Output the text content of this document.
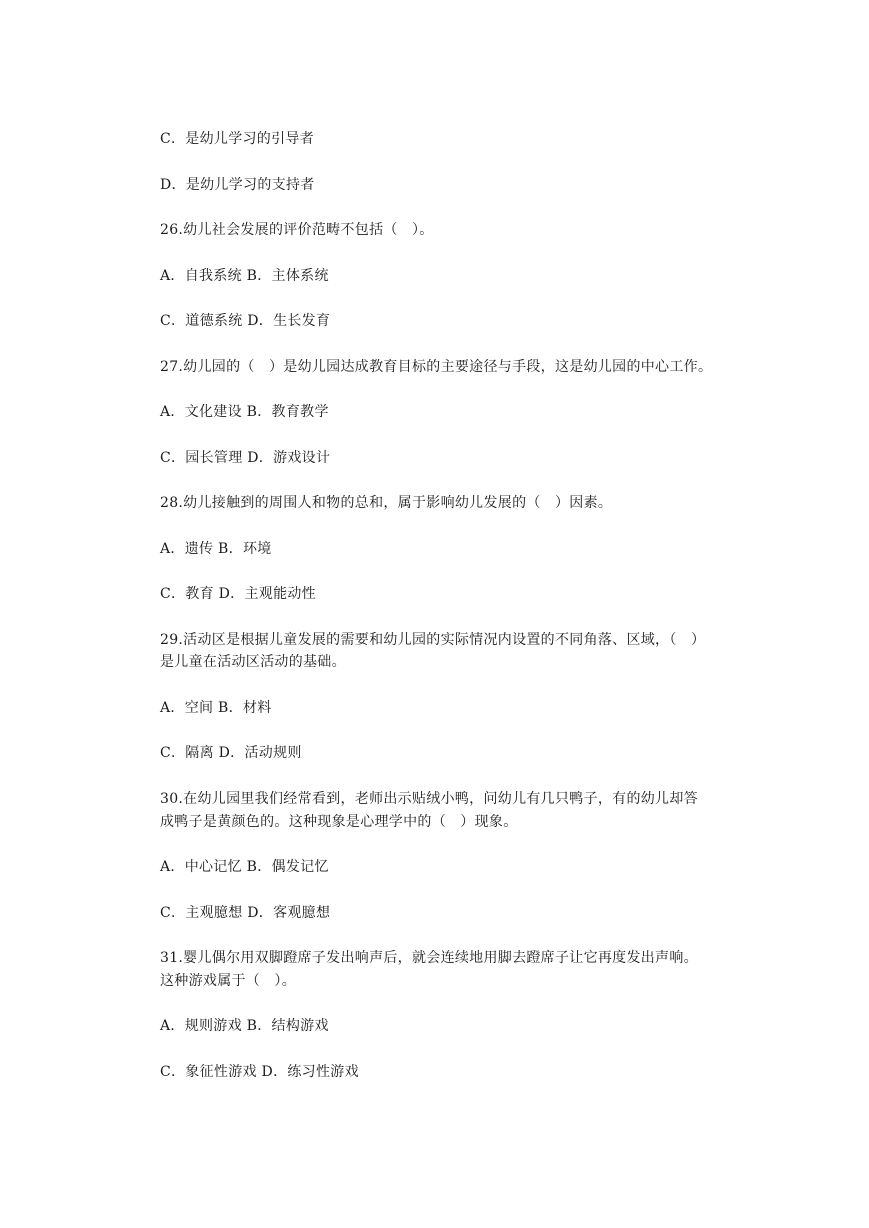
C．是幼儿学习的引导者
D．是幼儿学习的支持者
26.幼儿社会发展的评价范畴不包括（　）。
A．自我系统 B．主体系统
C．道德系统 D．生长发育
27.幼儿园的（　）是幼儿园达成教育目标的主要途径与手段，这是幼儿园的中心工作。
A．文化建设 B．教育教学
C．园长管理 D．游戏设计
28.幼儿接触到的周围人和物的总和，属于影响幼儿发展的（　）因素。
A．遗传 B．环境
C．教育 D．主观能动性
29.活动区是根据儿童发展的需要和幼儿园的实际情况内设置的不同角落、区域，（　）
是儿童在活动区活动的基础。
A．空间 B．材料
C．隔离 D．活动规则
30.在幼儿园里我们经常看到，老师出示贴绒小鸭，问幼儿有几只鸭子，有的幼儿却答
成鸭子是黄颜色的。这种现象是心理学中的（　）现象。
A．中心记忆 B．偶发记忆
C．主观臆想 D．客观臆想
31.婴儿偶尔用双脚蹬席子发出响声后，就会连续地用脚去蹬席子让它再度发出声响。
这种游戏属于（　）。
A．规则游戏 B．结构游戏
C．象征性游戏 D．练习性游戏
